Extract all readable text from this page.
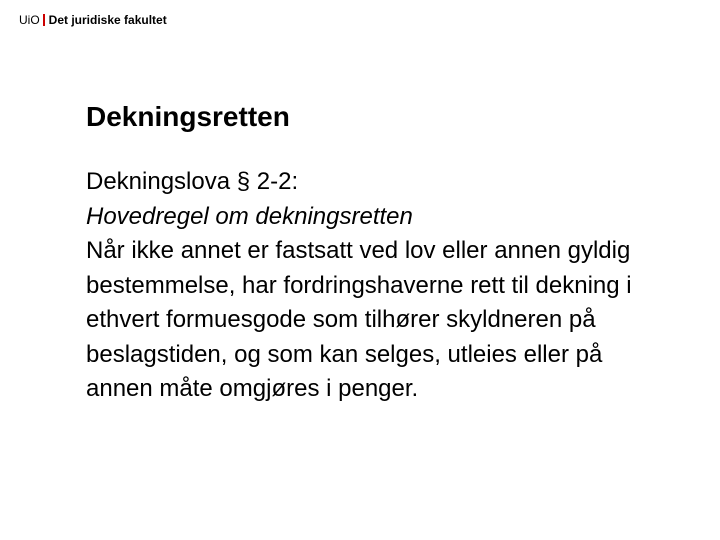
UiO Det juridiske fakultet
Dekningsretten

Dekningslova § 2-2:

Hovedregel om dekningsretten

Når ikke annet er fastsatt ved lov eller annen gyldig bestemmelse, har fordringshaverne rett til dekning i ethvert formuesgode som tilhører skyldneren på beslagstiden, og som kan selges, utleies eller på annen måte omgjøres i penger.
